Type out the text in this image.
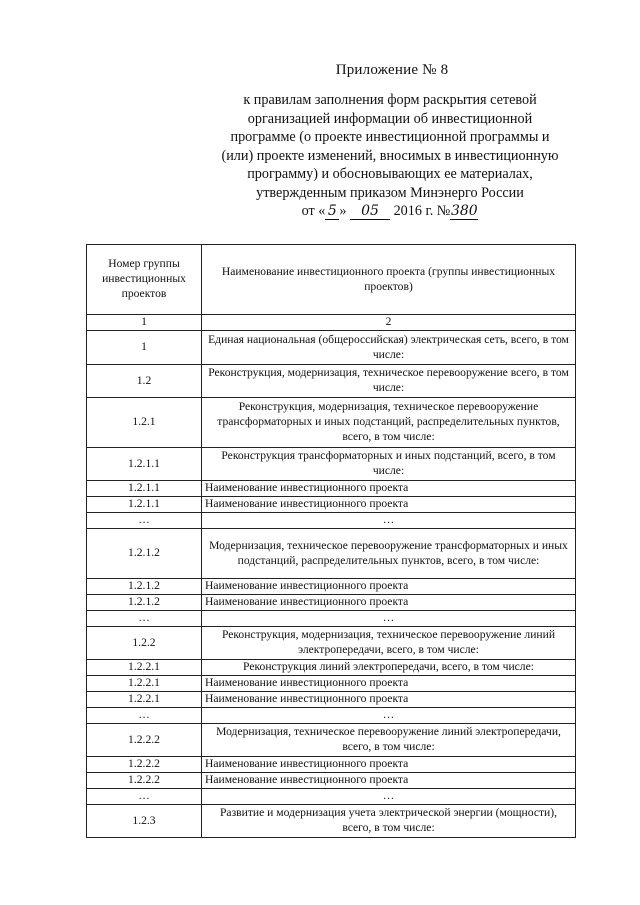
Приложение № 8
к правилам заполнения форм раскрытия сетевой
организацией информации об инвестиционной
программе (о проекте инвестиционной программы и
(или) проекте изменений, вносимых в инвестиционную
программу) и обосновывающих ее материалах,
утвержденным приказом Минэнерго России
от « 5 » 05 2016 г. №380
Номер группы инвестиционных проектов	Наименование инвестиционного проекта (группы инвестиционных проектов)
1	2
1	Единая национальная (общероссийская) электрическая сеть, всего, в том числе:
1.2	Реконструкция, модернизация, техническое перевооружение всего, в том числе:
1.2.1	Реконструкция, модернизация, техническое перевооружение трансформаторных и иных подстанций, распределительных пунктов, всего, в том числе:
1.2.1.1	Реконструкция трансформаторных и иных подстанций, всего, в том числе:
1.2.1.1	Наименование инвестиционного проекта
1.2.1.1	Наименование инвестиционного проекта
…	…
1.2.1.2	Модернизация, техническое перевооружение трансформаторных и иных подстанций, распределительных пунктов, всего, в том числе:
1.2.1.2	Наименование инвестиционного проекта
1.2.1.2	Наименование инвестиционного проекта
…	…
1.2.2	Реконструкция, модернизация, техническое перевооружение линий электропередачи, всего, в том числе:
1.2.2.1	Реконструкция линий электропередачи, всего, в том числе:
1.2.2.1	Наименование инвестиционного проекта
1.2.2.1	Наименование инвестиционного проекта
…	…
1.2.2.2	Модернизация, техническое перевооружение линий электропередачи, всего, в том числе:
1.2.2.2	Наименование инвестиционного проекта
1.2.2.2	Наименование инвестиционного проекта
…	…
1.2.3	Развитие и модернизация учета электрической энергии (мощности), всего, в том числе:
